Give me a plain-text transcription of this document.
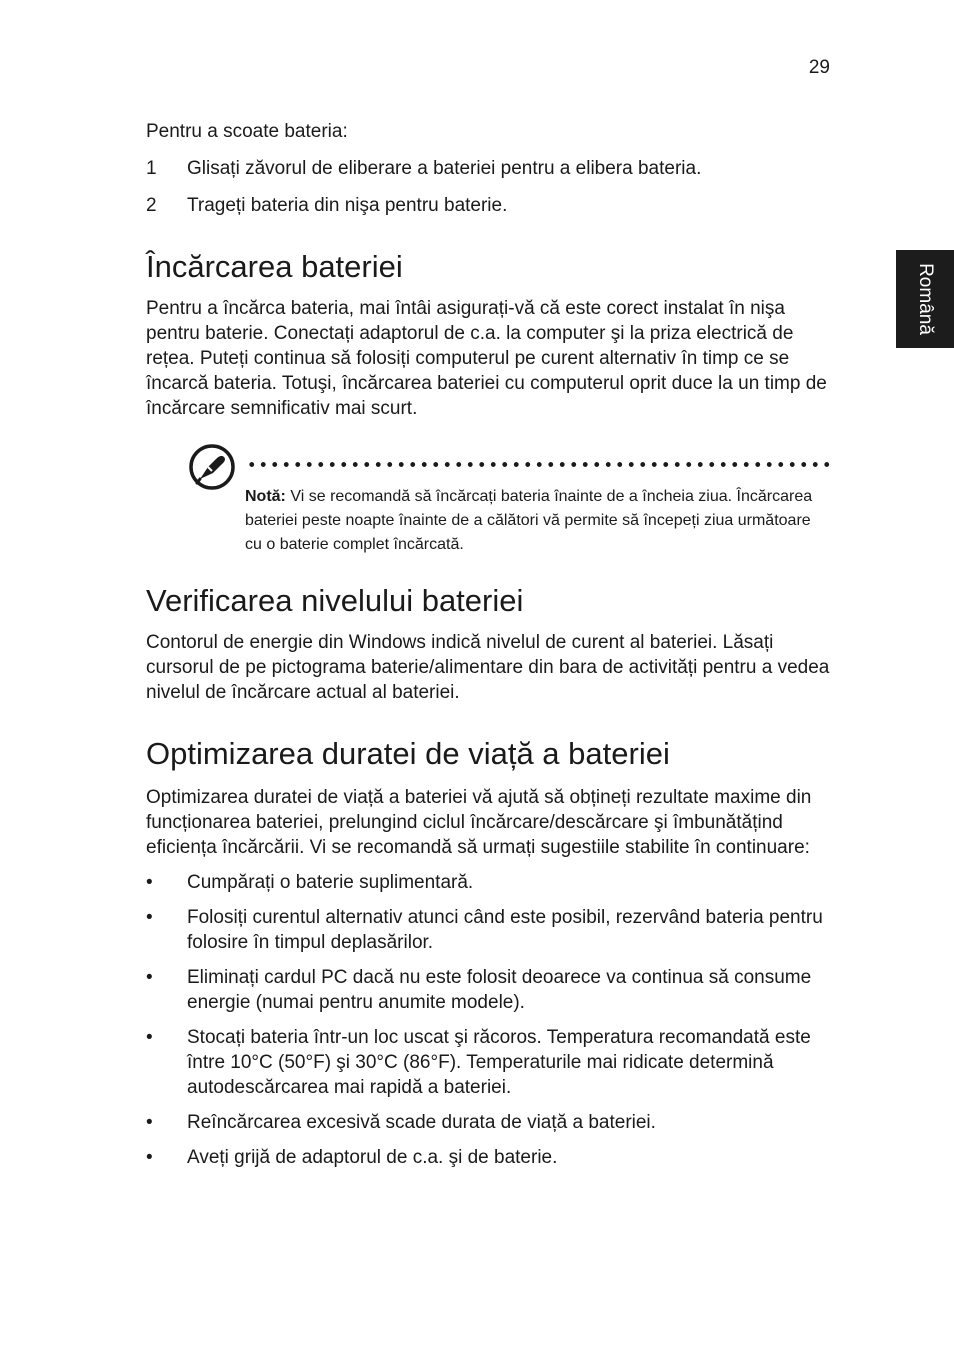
29
Română

Pentru a scoate bateria:

1 Glisați zăvorul de eliberare a bateriei pentru a elibera bateria.
2 Trageți bateria din nişa pentru baterie.
Încărcarea bateriei

Pentru a încărca bateria, mai întâi asigurați-vă că este corect instalat în nişa pentru baterie. Conectați adaptorul de c.a. la computer şi la priza electrică de rețea. Puteți continua să folosiți computerul pe curent alternativ în timp ce se încarcă bateria. Totuşi, încărcarea bateriei cu computerul oprit duce la un timp de încărcare semnificativ mai scurt.

Notă: Vi se recomandă să încărcați bateria înainte de a încheia ziua. Încărcarea bateriei peste noapte înainte de a călători vă permite să începeți ziua următoare cu o baterie complet încărcată.
Verificarea nivelului bateriei

Contorul de energie din Windows indică nivelul de curent al bateriei. Lăsați cursorul de pe pictograma baterie/alimentare din bara de activități pentru a vedea nivelul de încărcare actual al bateriei.

Optimizarea duratei de viață a bateriei

Optimizarea duratei de viață a bateriei vă ajută să obțineți rezultate maxime din funcționarea bateriei, prelungind ciclul încărcare/descărcare şi îmbunătățind eficiența încărcării. Vi se recomandă să urmați sugestiile stabilite în continuare:

• Cumpărați o baterie suplimentară.
• Folosiți curentul alternativ atunci când este posibil, rezervând bateria pentru folosire în timpul deplasărilor.
• Eliminați cardul PC dacă nu este folosit deoarece va continua să consume energie (numai pentru anumite modele).
• Stocați bateria într-un loc uscat şi răcoros. Temperatura recomandată este între 10°C (50°F) şi 30°C (86°F). Temperaturile mai ridicate determină autodescărcarea mai rapidă a bateriei.
• Reîncărcarea excesivă scade durata de viață a bateriei.
• Aveți grijă de adaptorul de c.a. şi de baterie.
